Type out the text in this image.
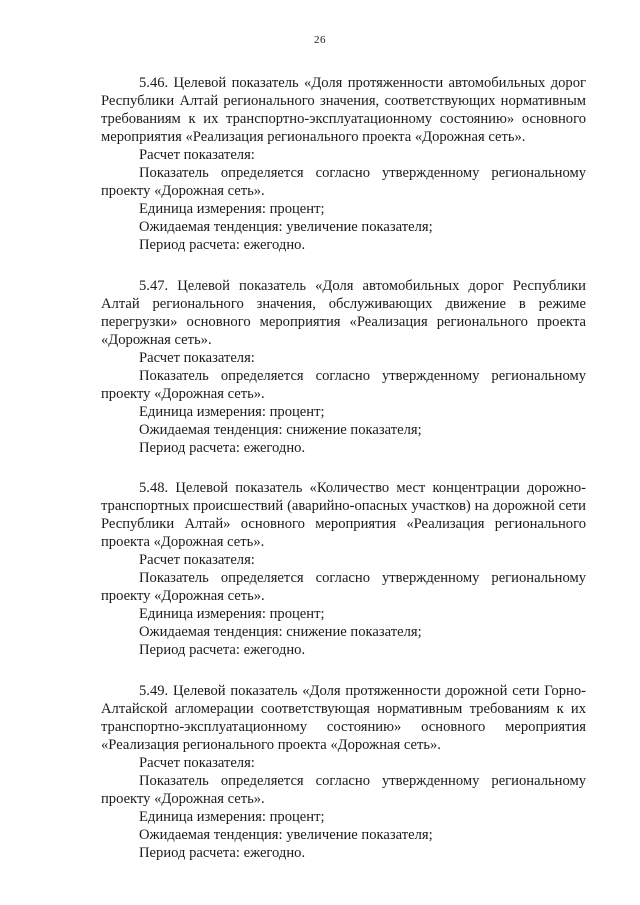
26

5.46. Целевой показатель «Доля протяженности автомобильных дорог Республики Алтай регионального значения, соответствующих нормативным требованиям к их транспортно-эксплуатационному состоянию» основного мероприятия «Реализация регионального проекта «Дорожная сеть».

Расчет показателя:

Показатель определяется согласно утвержденному региональному проекту «Дорожная сеть».

Единица измерения: процент;

Ожидаемая тенденция: увеличение показателя;

Период расчета: ежегодно.

5.47. Целевой показатель «Доля автомобильных дорог Республики Алтай регионального значения, обслуживающих движение в режиме перегрузки» основного мероприятия «Реализация регионального проекта «Дорожная сеть».

Расчет показателя:

Показатель определяется согласно утвержденному региональному проекту «Дорожная сеть».

Единица измерения: процент;

Ожидаемая тенденция: снижение показателя;

Период расчета: ежегодно.

5.48. Целевой показатель «Количество мест концентрации дорожно-транспортных происшествий (аварийно-опасных участков) на дорожной сети Республики Алтай» основного мероприятия «Реализация регионального проекта «Дорожная сеть».

Расчет показателя:

Показатель определяется согласно утвержденному региональному проекту «Дорожная сеть».

Единица измерения: процент;

Ожидаемая тенденция: снижение показателя;

Период расчета: ежегодно.

5.49. Целевой показатель «Доля протяженности дорожной сети Горно-Алтайской агломерации соответствующая нормативным требованиям к их транспортно-эксплуатационному состоянию» основного мероприятия «Реализация регионального проекта «Дорожная сеть».

Расчет показателя:

Показатель определяется согласно утвержденному региональному проекту «Дорожная сеть».

Единица измерения: процент;

Ожидаемая тенденция: увеличение показателя;

Период расчета: ежегодно.
